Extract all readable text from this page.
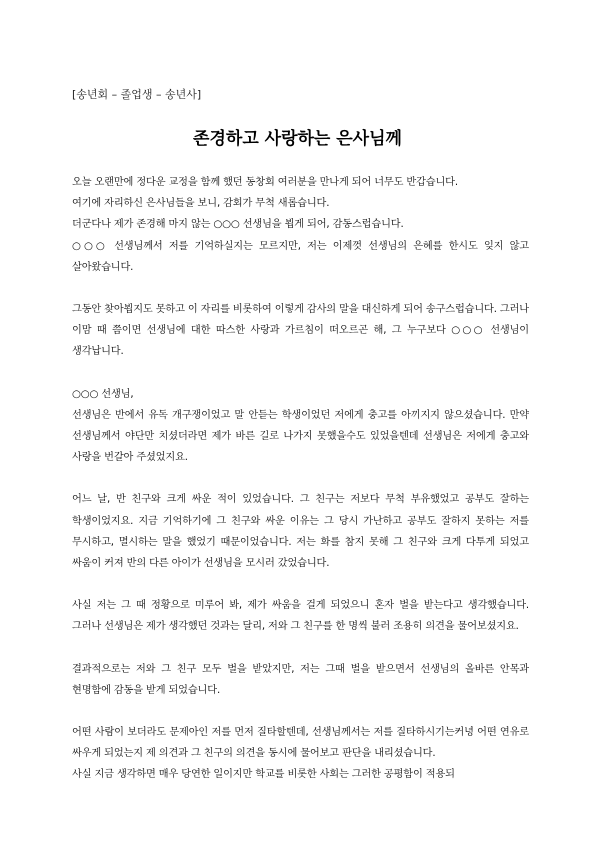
[송년회 – 졸업생 – 송년사]
존경하고 사랑하는 은사님께

오늘 오랜만에 정다운 교정을 함께 했던 동창회 여러분을 만나게 되어 너무도 반갑습니다.

여기에 자리하신 은사님들을 보니, 감회가 무척 새롭습니다.

더군다나 제가 존경해 마지 않는 ○○○ 선생님을 뵙게 되어, 감동스럽습니다.

○○○ 선생님께서 저를 기억하실지는 모르지만, 저는 이제껏 선생님의 은혜를 한시도 잊지 않고 살아왔습니다.

그동안 찾아뵙지도 못하고 이 자리를 비롯하여 이렇게 감사의 말을 대신하게 되어 송구스럽습니다. 그러나 이맘 때 쯤이면 선생님에 대한 따스한 사랑과 가르침이 떠오르곤 해, 그 누구보다 ○○○ 선생님이 생각납니다.

○○○ 선생님,

선생님은 반에서 유독 개구쟁이었고 말 안듣는 학생이었던 저에게 충고를 아끼지지 않으셨습니다. 만약 선생님께서 야단만 치셨더라면 제가 바른 길로 나가지 못했을수도 있었을텐데 선생님은 저에게 충고와 사랑을 번갈아 주셨었지요.

어느 날, 반 친구와 크게 싸운 적이 있었습니다. 그 친구는 저보다 무척 부유했었고 공부도 잘하는 학생이었지요. 지금 기억하기에 그 친구와 싸운 이유는 그 당시 가난하고 공부도 잘하지 못하는 저를 무시하고, 멸시하는 말을 했었기 때문이었습니다. 저는 화를 참지 못해 그 친구와 크게 다투게 되었고 싸움이 커져 반의 다른 아이가 선생님을 모시러 갔었습니다.

사실 저는 그 때 정황으로 미루어 봐, 제가 싸움을 걸게 되었으니 혼자 벌을 받는다고 생각했습니다. 그러나 선생님은 제가 생각했던 것과는 달리, 저와 그 친구를 한 명씩 불러 조용히 의견을 물어보셨지요.

결과적으로는 저와 그 친구 모두 벌을 받았지만, 저는 그때 벌을 받으면서 선생님의 올바른 안목과 현명함에 감동을 받게 되었습니다.

어떤 사람이 보더라도 문제아인 저를 먼저 질타할텐데, 선생님께서는 저를 질타하시기는커녕 어떤 연유로 싸우게 되었는지 제 의견과 그 친구의 의견을 동시에 물어보고 판단을 내리셨습니다.

사실 지금 생각하면 매우 당연한 일이지만 학교를 비롯한 사회는 그러한 공평함이 적용되
